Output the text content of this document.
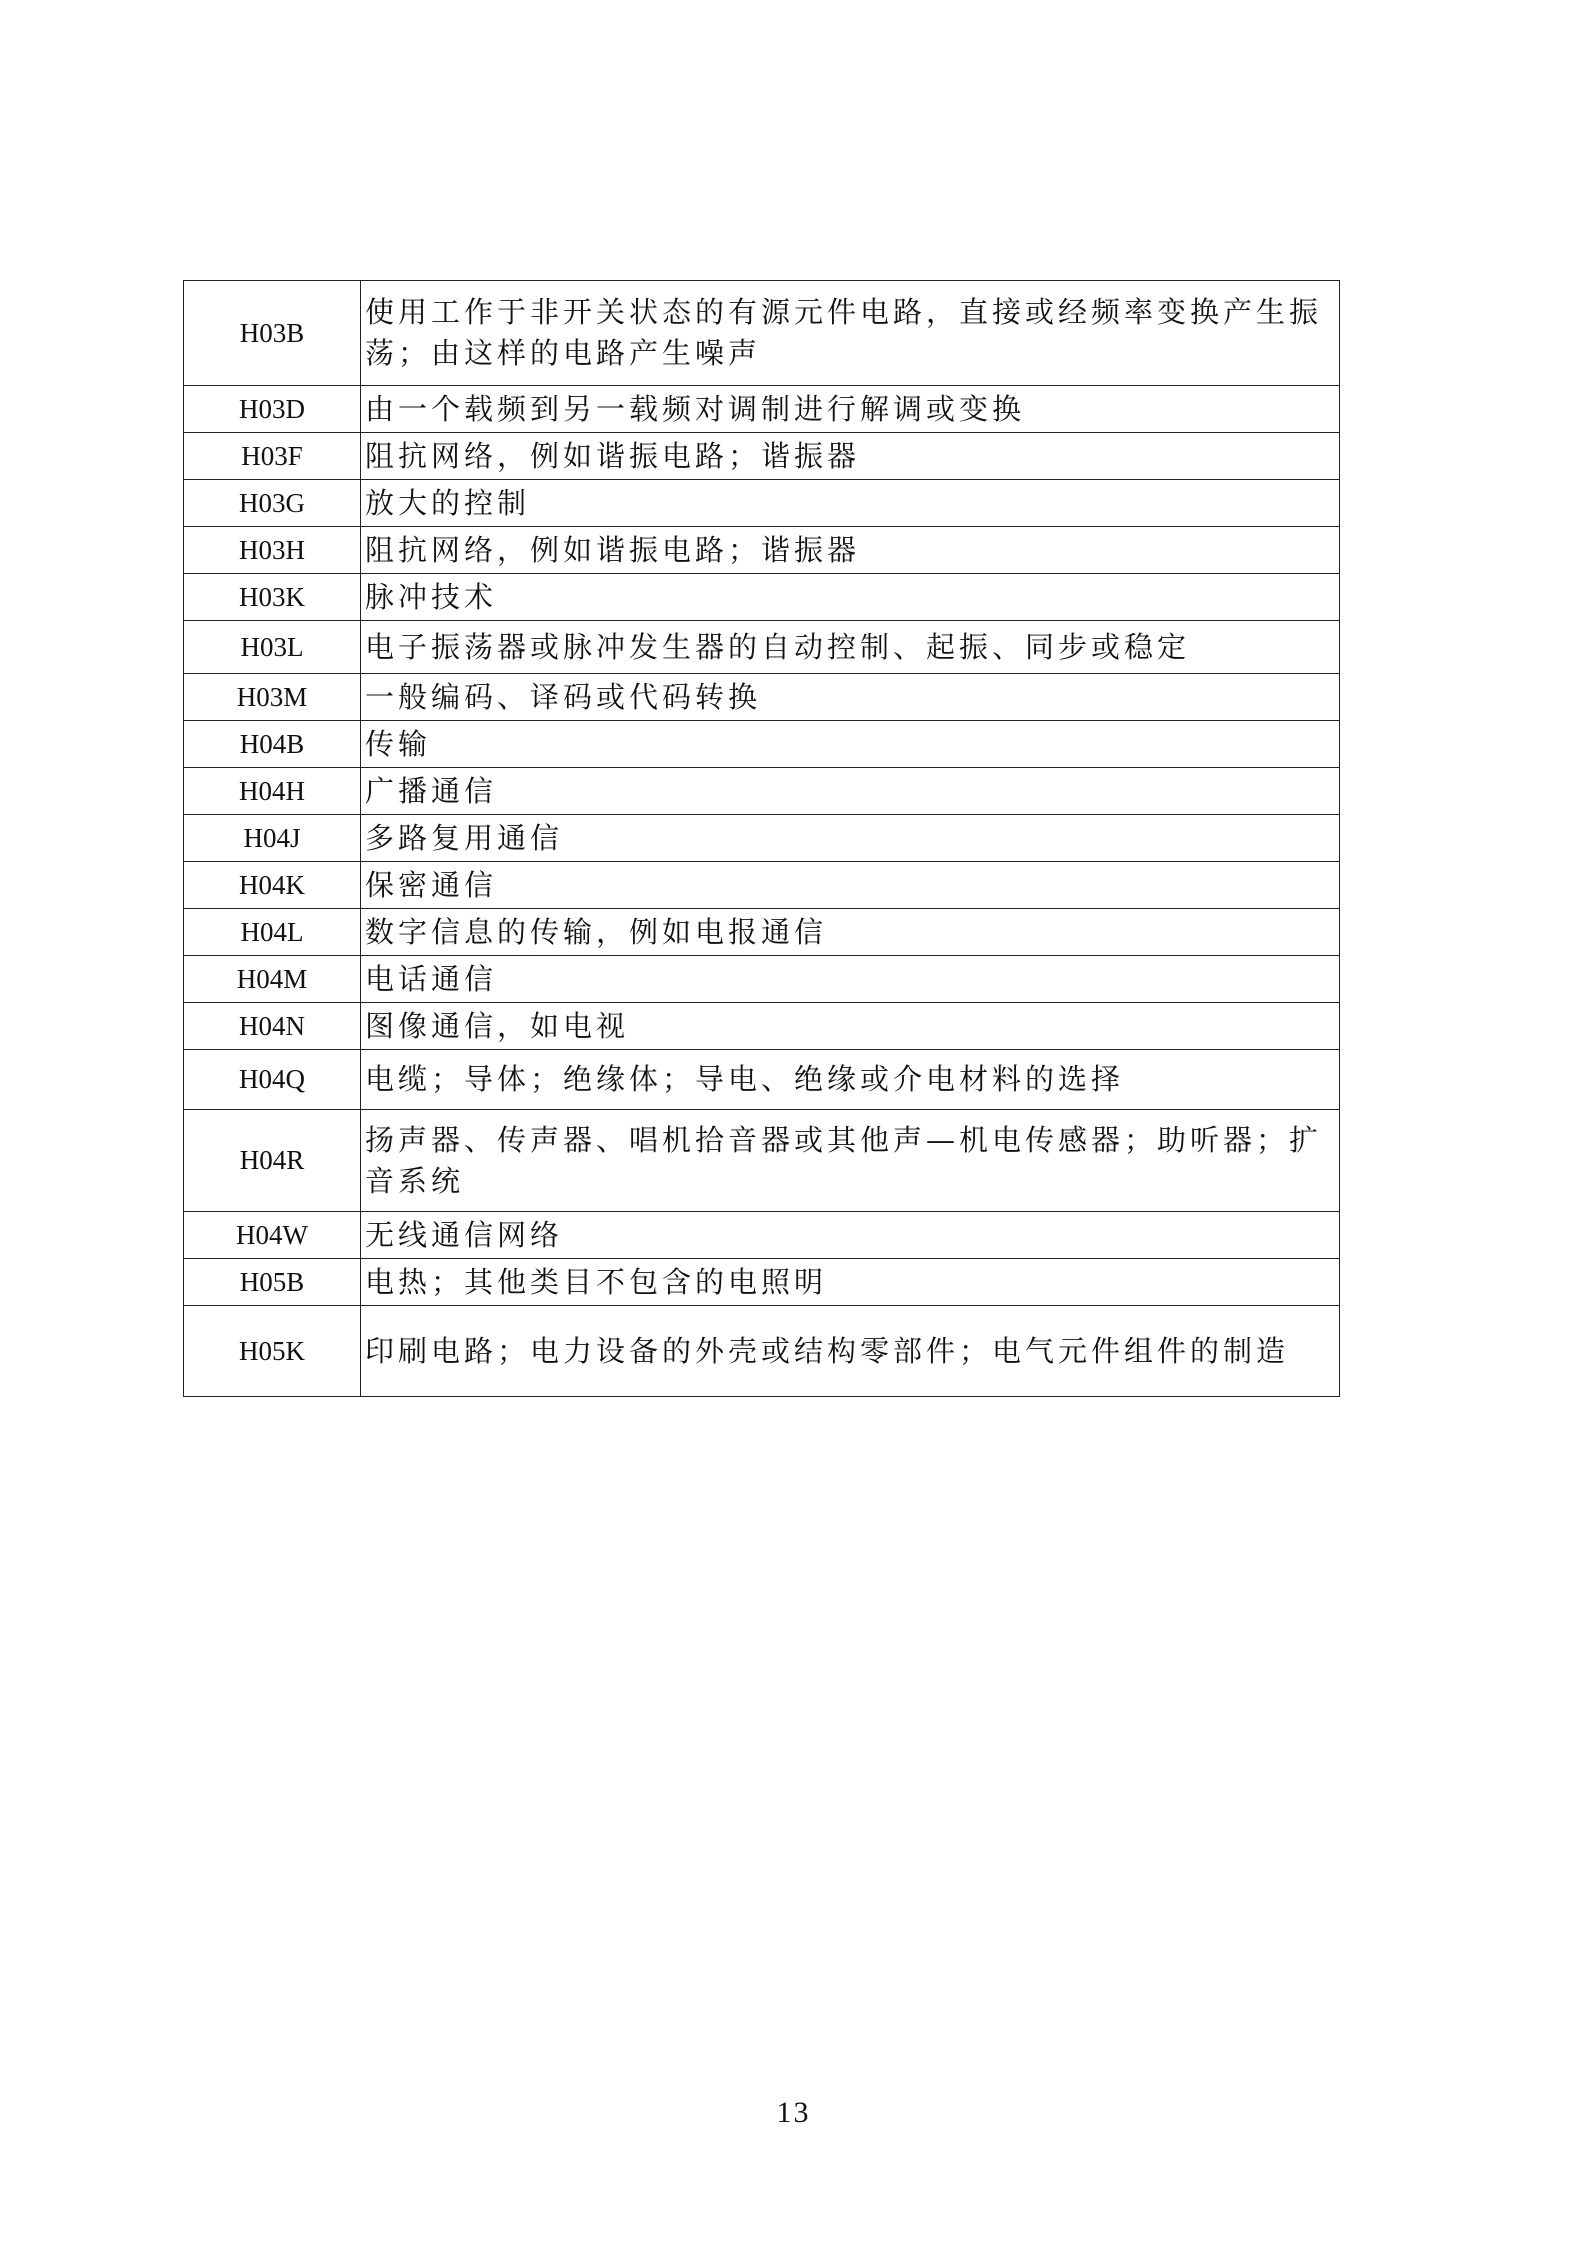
H03B	使用工作于非开关状态的有源元件电路，直接或经频率变换产生振荡；由这样的电路产生噪声
H03D	由一个载频到另一载频对调制进行解调或变换
H03F	阻抗网络，例如谐振电路；谐振器
H03G	放大的控制
H03H	阻抗网络，例如谐振电路；谐振器
H03K	脉冲技术
H03L	电子振荡器或脉冲发生器的自动控制、起振、同步或稳定
H03M	一般编码、译码或代码转换
H04B	传输
H04H	广播通信
H04J	多路复用通信
H04K	保密通信
H04L	数字信息的传输，例如电报通信
H04M	电话通信
H04N	图像通信，如电视
H04Q	电缆；导体；绝缘体；导电、绝缘或介电材料的选择
H04R	扬声器、传声器、唱机拾音器或其他声—机电传感器；助听器；扩音系统
H04W	无线通信网络
H05B	电热；其他类目不包含的电照明
H05K	印刷电路；电力设备的外壳或结构零部件；电气元件组件的制造
13
